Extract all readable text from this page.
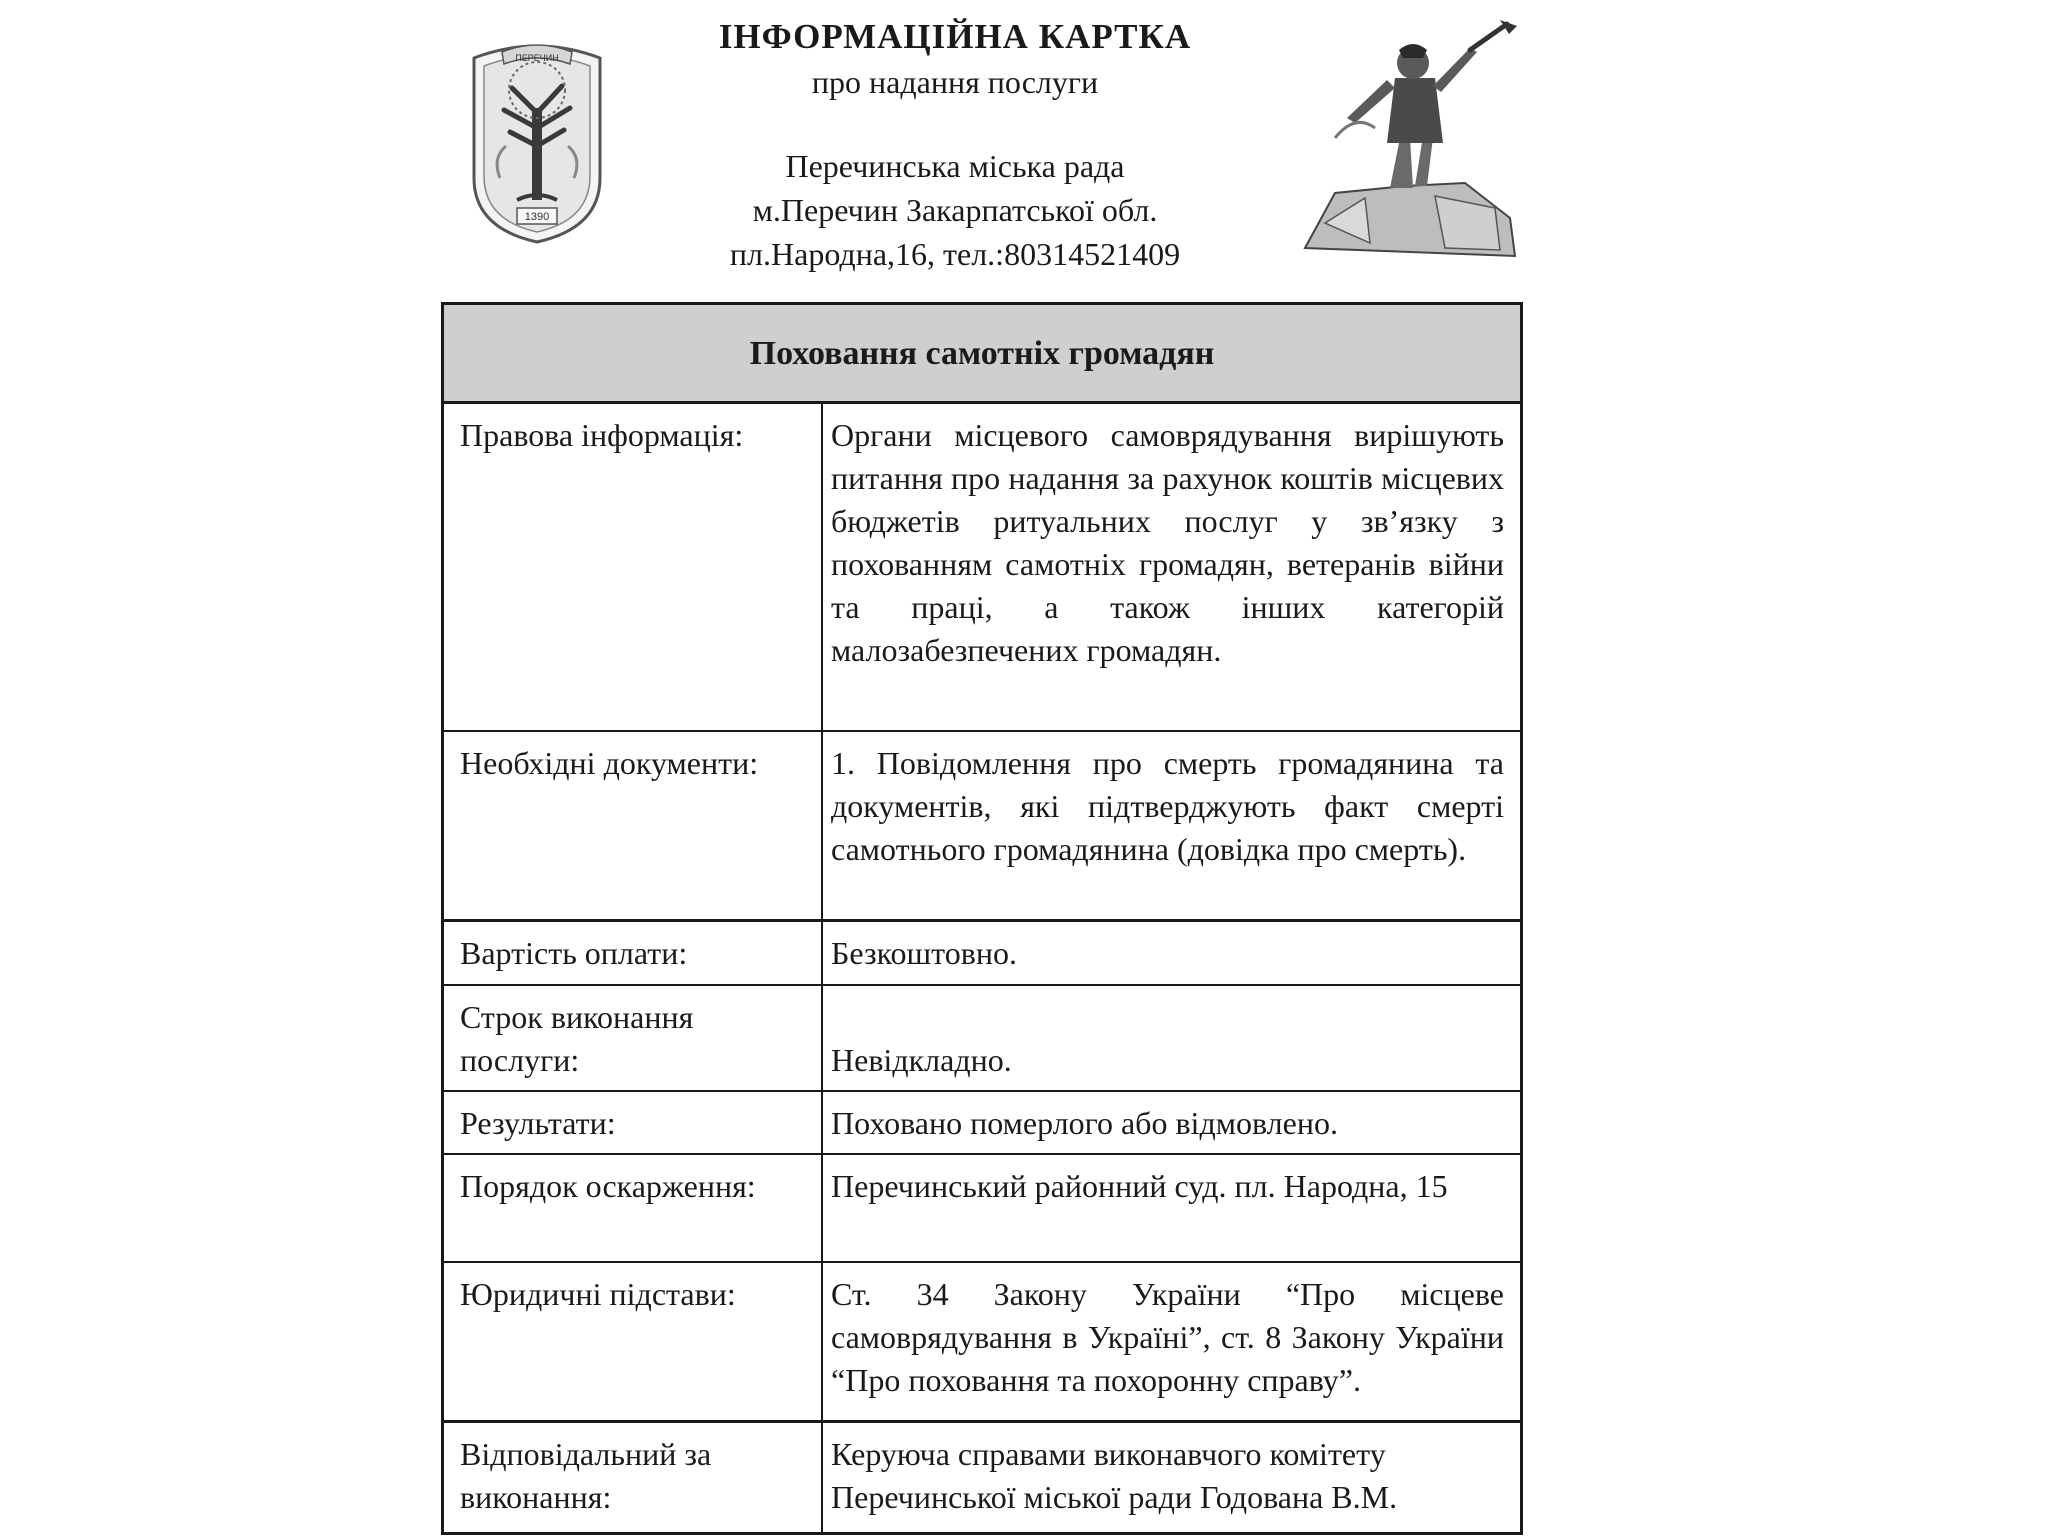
ПЕРЕЧИН
1390
ІНФОРМАЦІЙНА КАРТКА
про надання послуги
Перечинська міська рада
м.Перечин Закарпатської обл.
пл.Народна,16, тел.:80314521409
Поховання самотніх громадян	
Правова інформація:	Органи місцевого самоврядування вирішують питання про надання за рахунок коштів місцевих бюджетів ритуальних послуг у зв’язку з похованням самотніх громадян, ветеранів війни та праці, а також інших категорій малозабезпечених громадян.
Необхідні документи:	1. Повідомлення про смерть громадянина та документів, які підтверджують факт смерті самотнього громадянина (довідка про смерть).
Вартість оплати:	Безкоштовно.
Строк виконання послуги:	Невідкладно.
Результати:	Поховано померлого або відмовлено.
Порядок оскарження:	Перечинський районний суд. пл. Народна, 15
Юридичні підстави:	Ст. 34 Закону України “Про місцеве самоврядування в Україні”, ст. 8 Закону України “Про поховання та похоронну справу”.
Відповідальний за виконання:	Керуюча справами виконавчого комітету Перечинської міської ради Годована В.М.
